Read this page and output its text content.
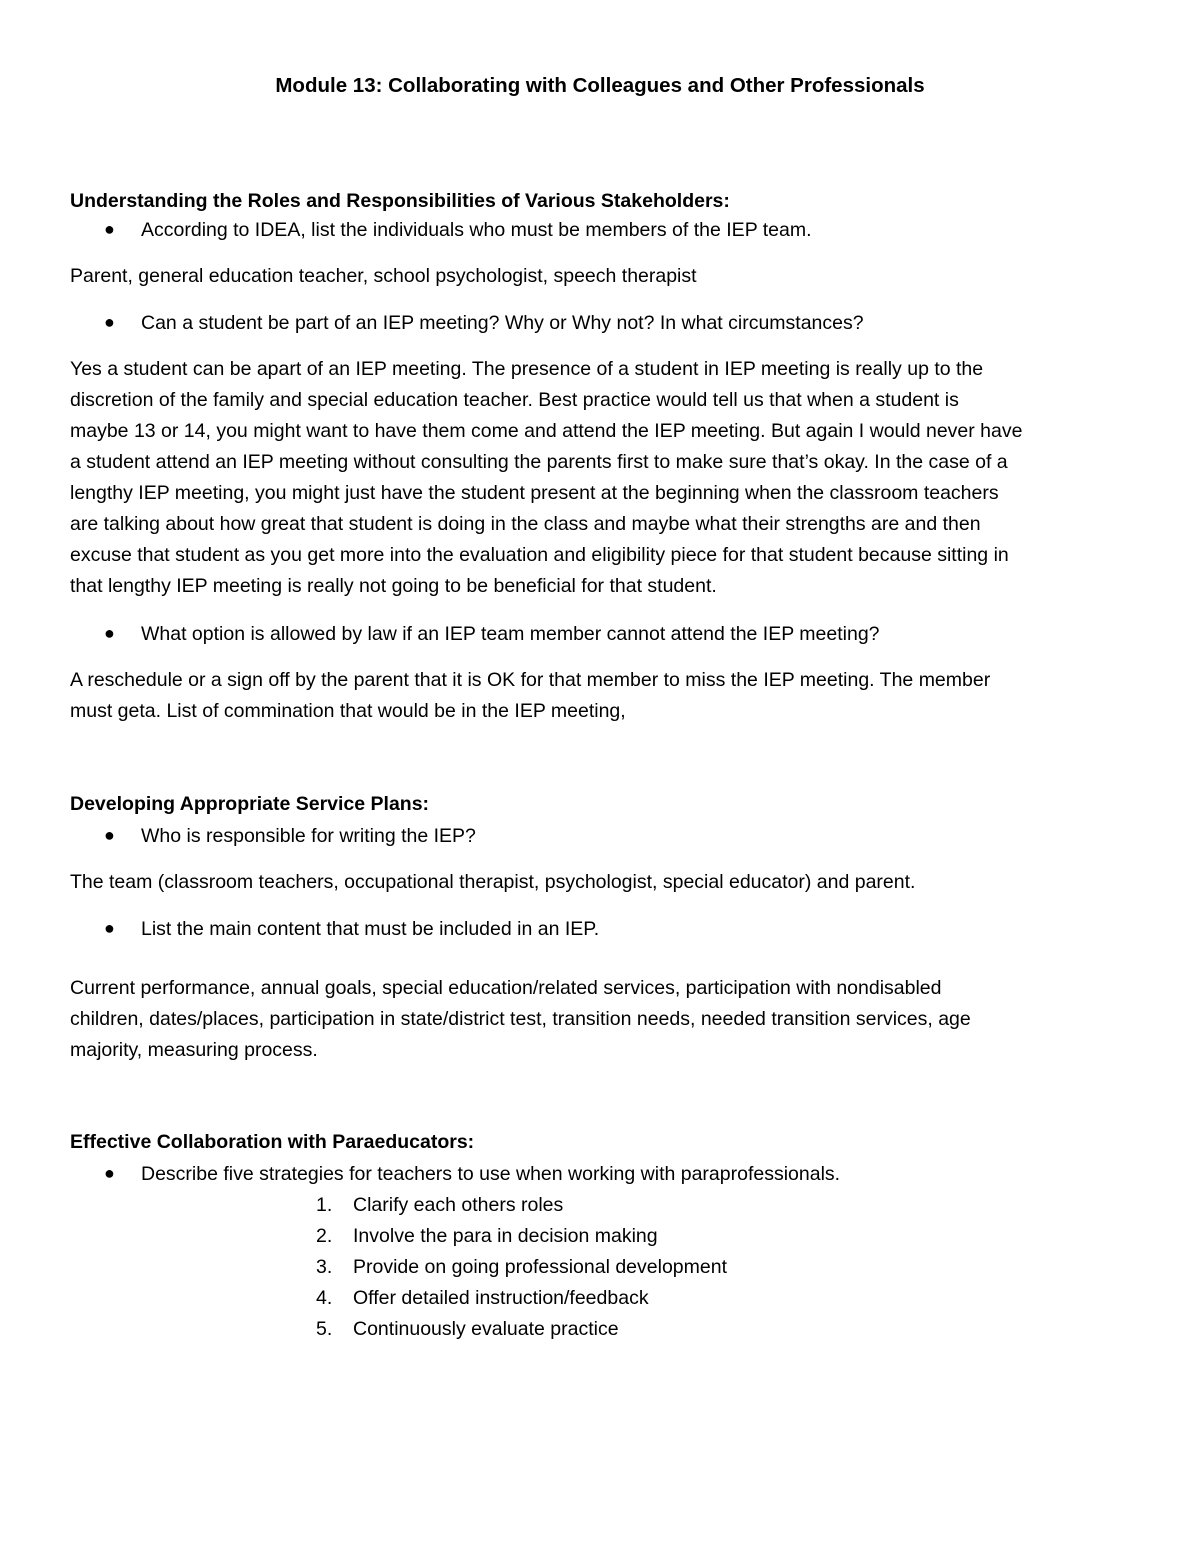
Module 13: Collaborating with Colleagues and Other Professionals
Understanding the Roles and Responsibilities of Various Stakeholders:
● According to IDEA, list the individuals who must be members of the IEP team.
Parent, general education teacher, school psychologist, speech therapist
● Can a student be part of an IEP meeting? Why or Why not? In what circumstances?
Yes a student can be apart of an IEP meeting. The presence of a student in IEP meeting is really up to the
discretion of the family and special education teacher. Best practice would tell us that when a student is
maybe 13 or 14, you might want to have them come and attend the IEP meeting. But again I would never have
a student attend an IEP meeting without consulting the parents first to make sure that’s okay. In the case of a
lengthy IEP meeting, you might just have the student present at the beginning when the classroom teachers
are talking about how great that student is doing in the class and maybe what their strengths are and then
excuse that student as you get more into the evaluation and eligibility piece for that student because sitting in
that lengthy IEP meeting is really not going to be beneficial for that student.
● What option is allowed by law if an IEP team member cannot attend the IEP meeting?
A reschedule or a sign off by the parent that it is OK for that member to miss the IEP meeting. The member
must geta. List of commination that would be in the IEP meeting,
Developing Appropriate Service Plans:
● Who is responsible for writing the IEP?
The team (classroom teachers, occupational therapist, psychologist, special educator) and parent.
● List the main content that must be included in an IEP.
Current performance, annual goals, special education/related services, participation with nondisabled
children, dates/places, participation in state/district test, transition needs, needed transition services, age
majority, measuring process.
Effective Collaboration with Paraeducators:
● Describe five strategies for teachers to use when working with paraprofessionals.
1. Clarify each others roles
2. Involve the para in decision making
3. Provide on going professional development
4. Offer detailed instruction/feedback
5. Continuously evaluate practice
